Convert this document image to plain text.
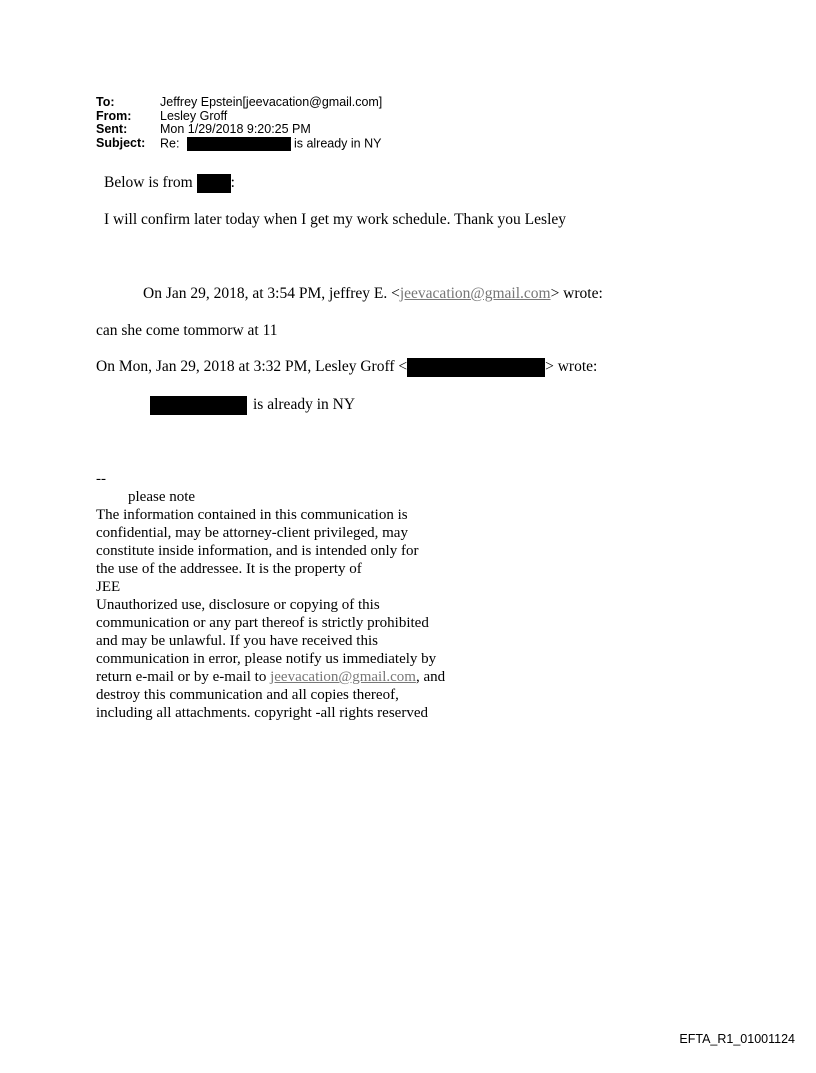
To:	Jeffrey Epstein[jeevacation@gmail.com]
From: Lesley Groff
Sent:	Mon 1/29/2018 9:20:25 PM
Subject: Re:	is already in NY
Below is from :
I will confirm later today when I get my work schedule. Thank you Lesley
On Jan 29, 2018, at 3:54 PM, jeffrey E. <jeevacation@gmail.com> wrote:
can she come tommorw at 11
On Mon, Jan 29, 2018 at 3:32 PM, Lesley Groff <	> wrote:
is already in NY
--
please note
The information contained in this communication is
confidential, may be attorney-client privileged, may
constitute inside information, and is intended only for
the use of the addressee. It is the property of
JEE
Unauthorized use, disclosure or copying of this
communication or any part thereof is strictly prohibited
and may be unlawful. If you have received this
communication in error, please notify us immediately by
return e-mail or by e-mail to jeevacation@gmail.com, and
destroy this communication and all copies thereof,
including all attachments. copyright -all rights reserved
EFTA_R1_01001124
